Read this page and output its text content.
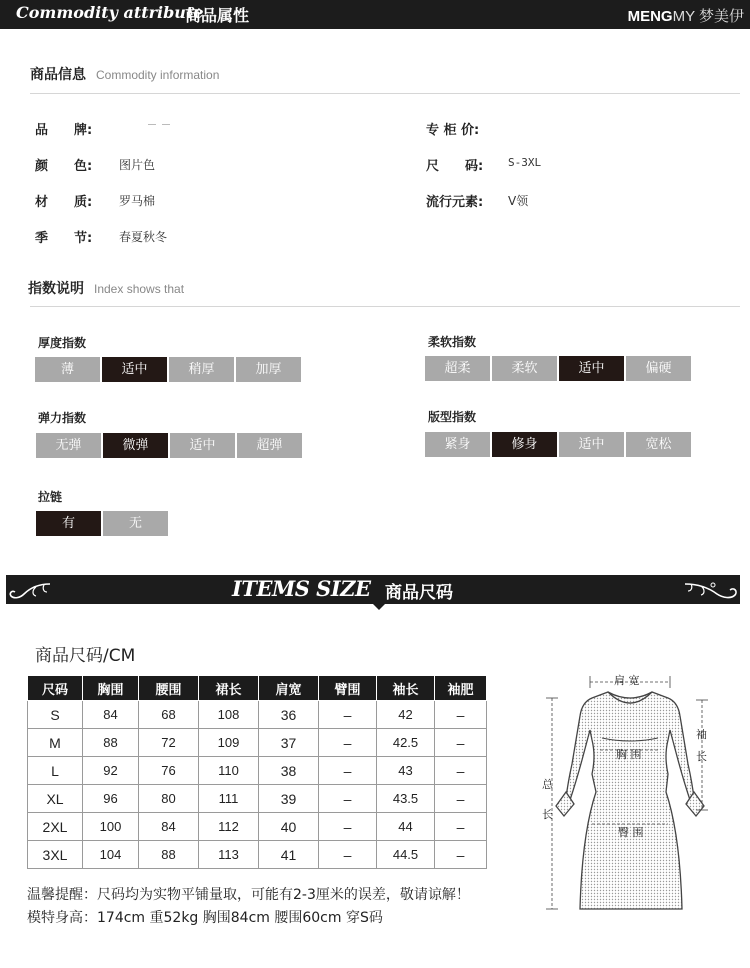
Commodity attribute
商品属性	MENGMY 梦美伊
商品信息 Commodity information
品　　牌:
颜　　色: 图片色
材　　质: 罗马棉
季　　节: 春夏秋冬
专 柜 价:
尺　　码: S-3XL
流行元素: V领
指数说明 Index shows that
厚度指数
薄	适中	稍厚	加厚
柔软指数
超柔	柔软	适中	偏硬
弹力指数
无弹	微弹	适中	超弹
版型指数
紧身	修身	适中	宽松
拉链
有	无
ITEMS SIZE 商品尺码
商品尺码/CM
尺码	胸围	腰围	裙长	肩宽	臂围	袖长	袖肥
S	84	68	108	36	–	42	–
M	88	72	109	37	–	42.5	–
L	92	76	110	38	–	43	–
XL	96	80	111	39	–	43.5	–
2XL	100	84	112	40	–	44	–
3XL	104	88	113	41	–	44.5	–
温馨提醒：尺码均为实物平铺量取，可能有2-3厘米的误差，敬请谅解！
模特身高：174cm 重52kg 胸围84cm 腰围60cm 穿S码
肩 宽
胸 围
臀 围
总
长
袖
长
